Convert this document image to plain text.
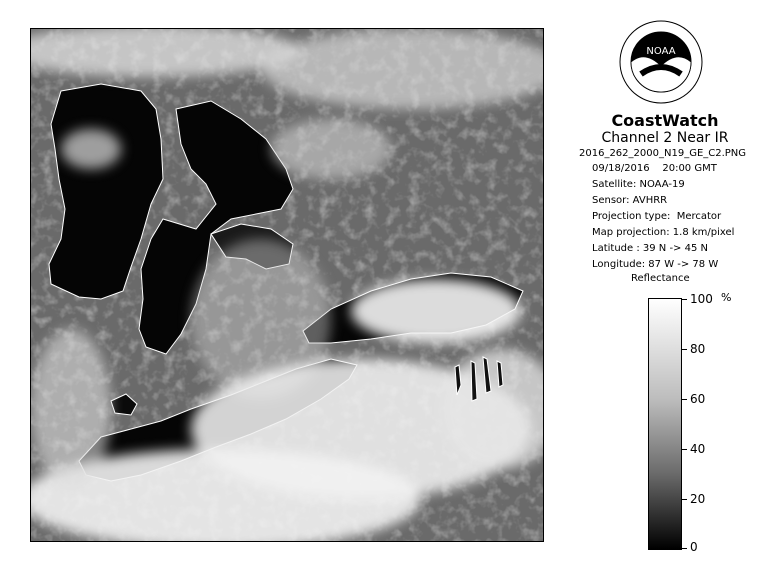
NOAA
CoastWatch
Channel 2 Near IR
2016_262_2000_N19_GE_C2.PNG
09/18/2016    20:00 GMT
Satellite: NOAA-19
Sensor: AVHRR
Projection type:  Mercator
Map projection: 1.8 km/pixel
Latitude : 39 N -> 45 N
Longitude: 87 W -> 78 W
Reflectance
%
100
80
60
40
20
0
